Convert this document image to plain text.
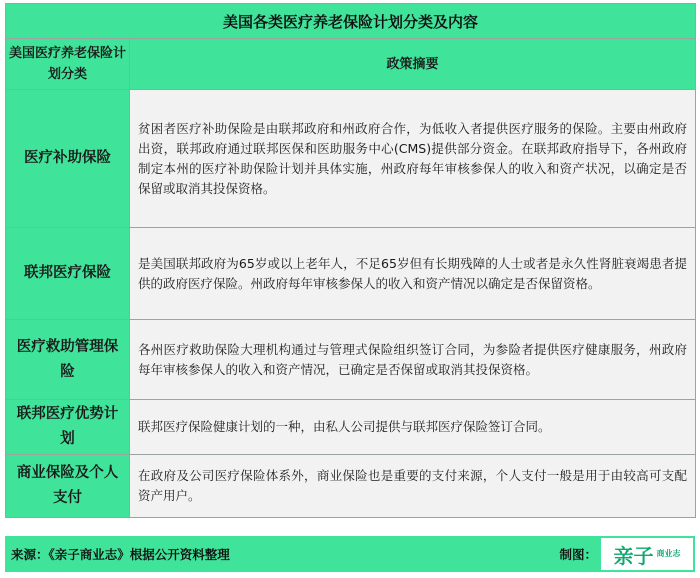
美国各类医疗养老保险计划分类及内容	
美国医疗养老保险计划分类	政策摘要
医疗补助保险	贫困者医疗补助保险是由联邦政府和州政府合作，为低收入者提供医疗服务的保险。主要由州政府出资，联邦政府通过联邦医保和医助服务中心(CMS)提供部分资金。在联邦政府指导下，各州政府制定本州的医疗补助保险计划并具体实施，州政府每年审核参保人的收入和资产状况，以确定是否保留或取消其投保资格。
联邦医疗保险	是美国联邦政府为65岁或以上老年人，不足65岁但有长期残障的人士或者是永久性肾脏衰竭患者提供的政府医疗保险。州政府每年审核参保人的收入和资产情况以确定是否保留资格。
医疗救助管理保险	各州医疗救助保险大理机构通过与管理式保险组织签订合同，为参险者提供医疗健康服务，州政府每年审核参保人的收入和资产情况，已确定是否保留或取消其投保资格。
联邦医疗优势计划	联邦医疗保险健康计划的一种，由私人公司提供与联邦医疗保险签订合同。
商业保险及个人支付	在政府及公司医疗保险体系外，商业保险也是重要的支付来源，个人支付一般是用于由较高可支配资产用户。
来源：《亲子商业志》根据公开资料整理	制图： 亲子 商业志
